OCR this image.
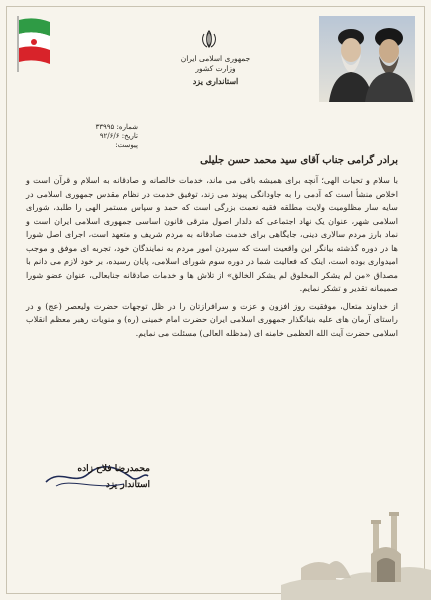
جمهوری اسلامی ایران
وزارت کشور
استانداری یزد
شماره: ۳۳۹۹۵
تاریخ: ۹۲/۶/۶
پیوست:
برادر گرامی جناب آقای سید محمد حسن جلیلی

با سلام و تحیات الهی؛ آنچه برای همیشه باقی می ماند، خدمات خالصانه و صادقانه به اسلام و قرآن است و اخلاص منشأ است که آدمی را به جاودانگی پیوند می زند، توفیق خدمت در نظام مقدس جمهوری اسلامی در سایه سار مظلومیت ولایت مطلقه فقیه نعمت بزرگی است که حمد و سپاس مستمر الهی را طلبد، شورای اسلامی شهر، عنوان یک نهاد اجتماعی که دلدار اصول مترقی قانون اساسی جمهوری اسلامی ایران است و نماد بارز مردم سالاری دینی، جایگاهی برای خدمت صادقانه به مردم شریف و متعهد است، اجرای اصل شورا ها در دوره گذشته بیانگر این واقعیت است که سپردن امور مردم به نمایندگان خود، تجربه ای موفق و موجب امیدواری بوده است، اینک که فعالیت شما در دوره سوم شورای اسلامی، پایان رسیده، بر خود لازم می دانم با مصداق «من لم یشکر المخلوق لم یشکر الخالق» از تلاش ها و خدمات صادقانه جنابعالی، عنوان عضو شورا صمیمانه تقدیر و تشکر نمایم.

از خداوند متعال، موفقیت روز افزون و عزت و سرافرازتان را در ظل توجهات حضرت ولیعصر (عج) و در راستای آرمان های علیه بنیانگذار جمهوری اسلامی ایران حضرت امام خمینی (ره) و منویات رهبر معظم انقلاب اسلامی حضرت آیت الله العظمی خامنه ای (مدظله العالی) مسئلت می نمایم.

محمدرضا فلاح زاده
استاندار یزد
